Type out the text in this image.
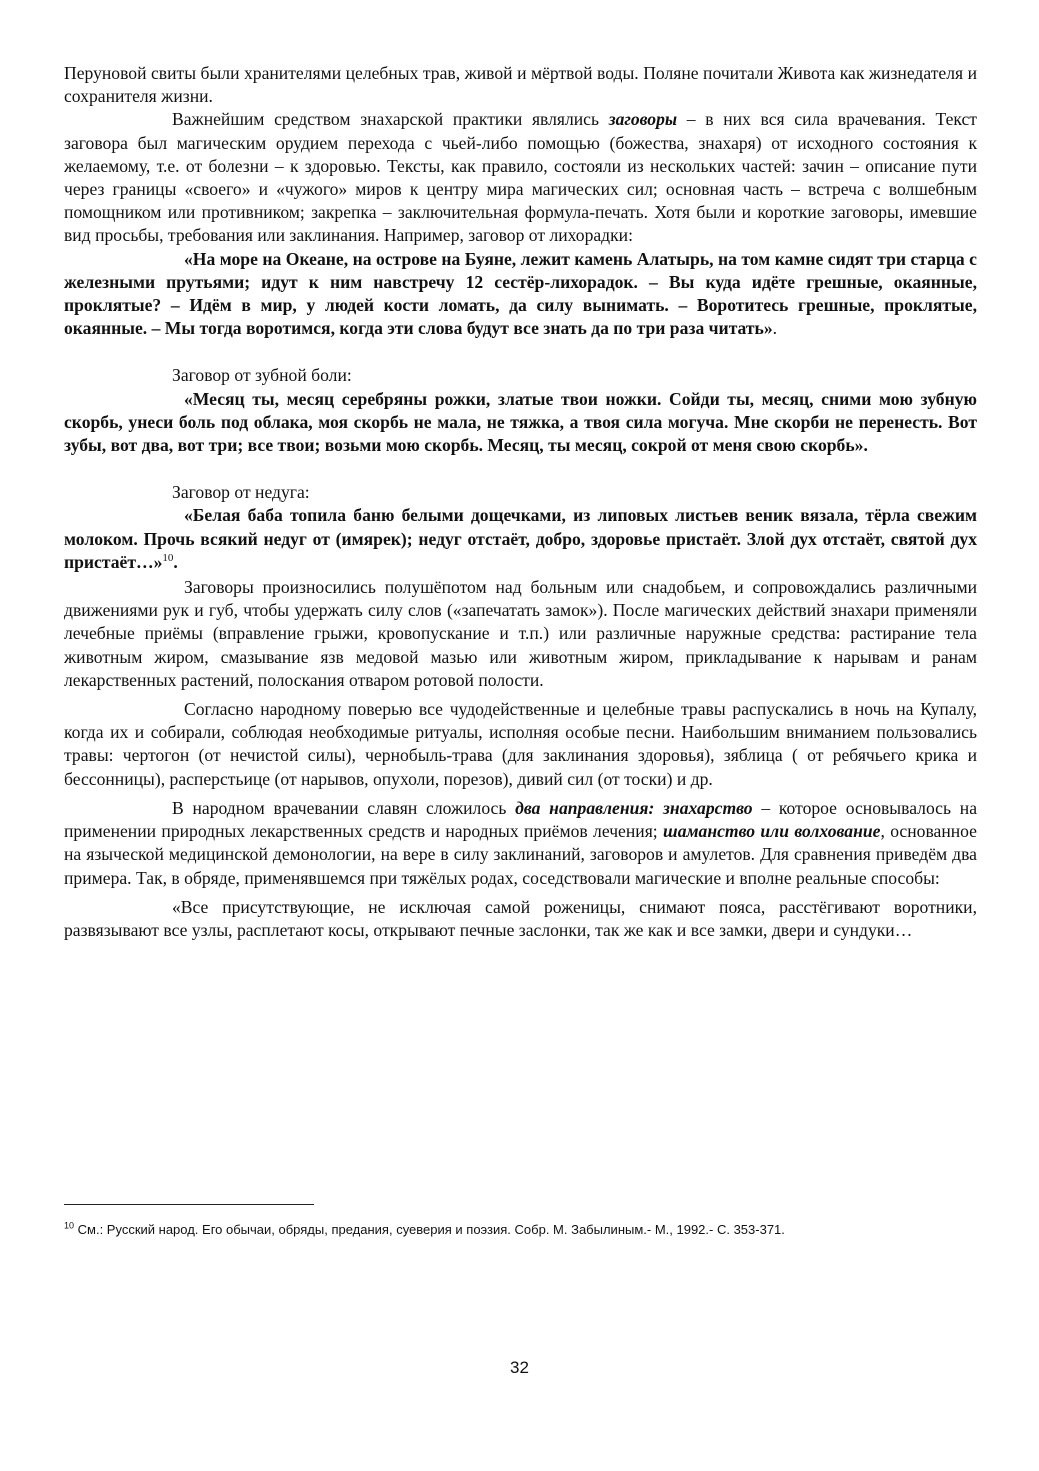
Перуновой свиты были хранителями целебных трав, живой и мёртвой воды. Поляне почитали Живота как жизнедателя и сохранителя жизни.

Важнейшим средством знахарской практики являлись заговоры – в них вся сила врачевания. Текст заговора был магическим орудием перехода с чьей-либо помощью (божества, знахаря) от исходного состояния к желаемому, т.е. от болезни – к здоровью. Тексты, как правило, состояли из нескольких частей: зачин – описание пути через границы «своего» и «чужого» миров к центру мира магических сил; основная часть – встреча с волшебным помощником или противником; закрепка – заключительная формула-печать. Хотя были и короткие заговоры, имевшие вид просьбы, требования или заклинания. Например, заговор от лихорадки:

«На море на Океане, на острове на Буяне, лежит камень Алатырь, на том камне сидят три старца с железными прутьями; идут к ним навстречу 12 сестёр-лихорадок. – Вы куда идёте грешные, окаянные, проклятые? – Идём в мир, у людей кости ломать, да силу вынимать. – Воротитесь грешные, проклятые, окаянные. – Мы тогда воротимся, когда эти слова будут все знать да по три раза читать».

Заговор от зубной боли:

«Месяц ты, месяц серебряны рожки, златые твои ножки. Сойди ты, месяц, сними мою зубную скорбь, унеси боль под облака, моя скорбь не мала, не тяжка, а твоя сила могуча. Мне скорби не перенесть. Вот зубы, вот два, вот три; все твои; возьми мою скорбь. Месяц, ты месяц, сокрой от меня свою скорбь».

Заговор от недуга:

«Белая баба топила баню белыми дощечками, из липовых листьев веник вязала, тёрла свежим молоком. Прочь всякий недуг от (имярек); недуг отстаёт, добро, здоровье пристаёт. Злой дух отстаёт, святой дух пристаёт…»$^{10}$.

Заговоры произносились полушёпотом над больным или снадобьем, и сопровождались различными движениями рук и губ, чтобы удержать силу слов («запечатать замок»). После магических действий знахари применяли лечебные приёмы (вправление грыжи, кровопускание и т.п.) или различные наружные средства: растирание тела животным жиром, смазывание язв медовой мазью или животным жиром, прикладывание к нарывам и ранам лекарственных растений, полоскания отваром ротовой полости.

Согласно народному поверью все чудодейственные и целебные травы распускались в ночь на Купалу, когда их и собирали, соблюдая необходимые ритуалы, исполняя особые песни. Наибольшим вниманием пользовались травы: чертогон (от нечистой силы), чернобыль-трава (для заклинания здоровья), зяблица ( от ребячьего крика и бессонницы), расперстьице (от нарывов, опухоли, порезов), дивий сил (от тоски) и др.

В народном врачевании славян сложилось два направления: знахарство – которое основывалось на применении природных лекарственных средств и народных приёмов лечения; шаманство или волхование, основанное на языческой медицинской демонологии, на вере в силу заклинаний, заговоров и амулетов. Для сравнения приведём два примера. Так, в обряде, применявшемся при тяжёлых родах, соседствовали магические и вполне реальные способы:

«Все присутствующие, не исключая самой роженицы, снимают пояса, расстёгивают воротники, развязывают все узлы, расплетают косы, открывают печные заслонки, так же как и все замки, двери и сундуки…

$^{10}$ См.: Русский народ. Его обычаи, обряды, предания, суеверия и поэзия. Собр. М. Забылиным.- М., 1992.- С. 353-371.
32
